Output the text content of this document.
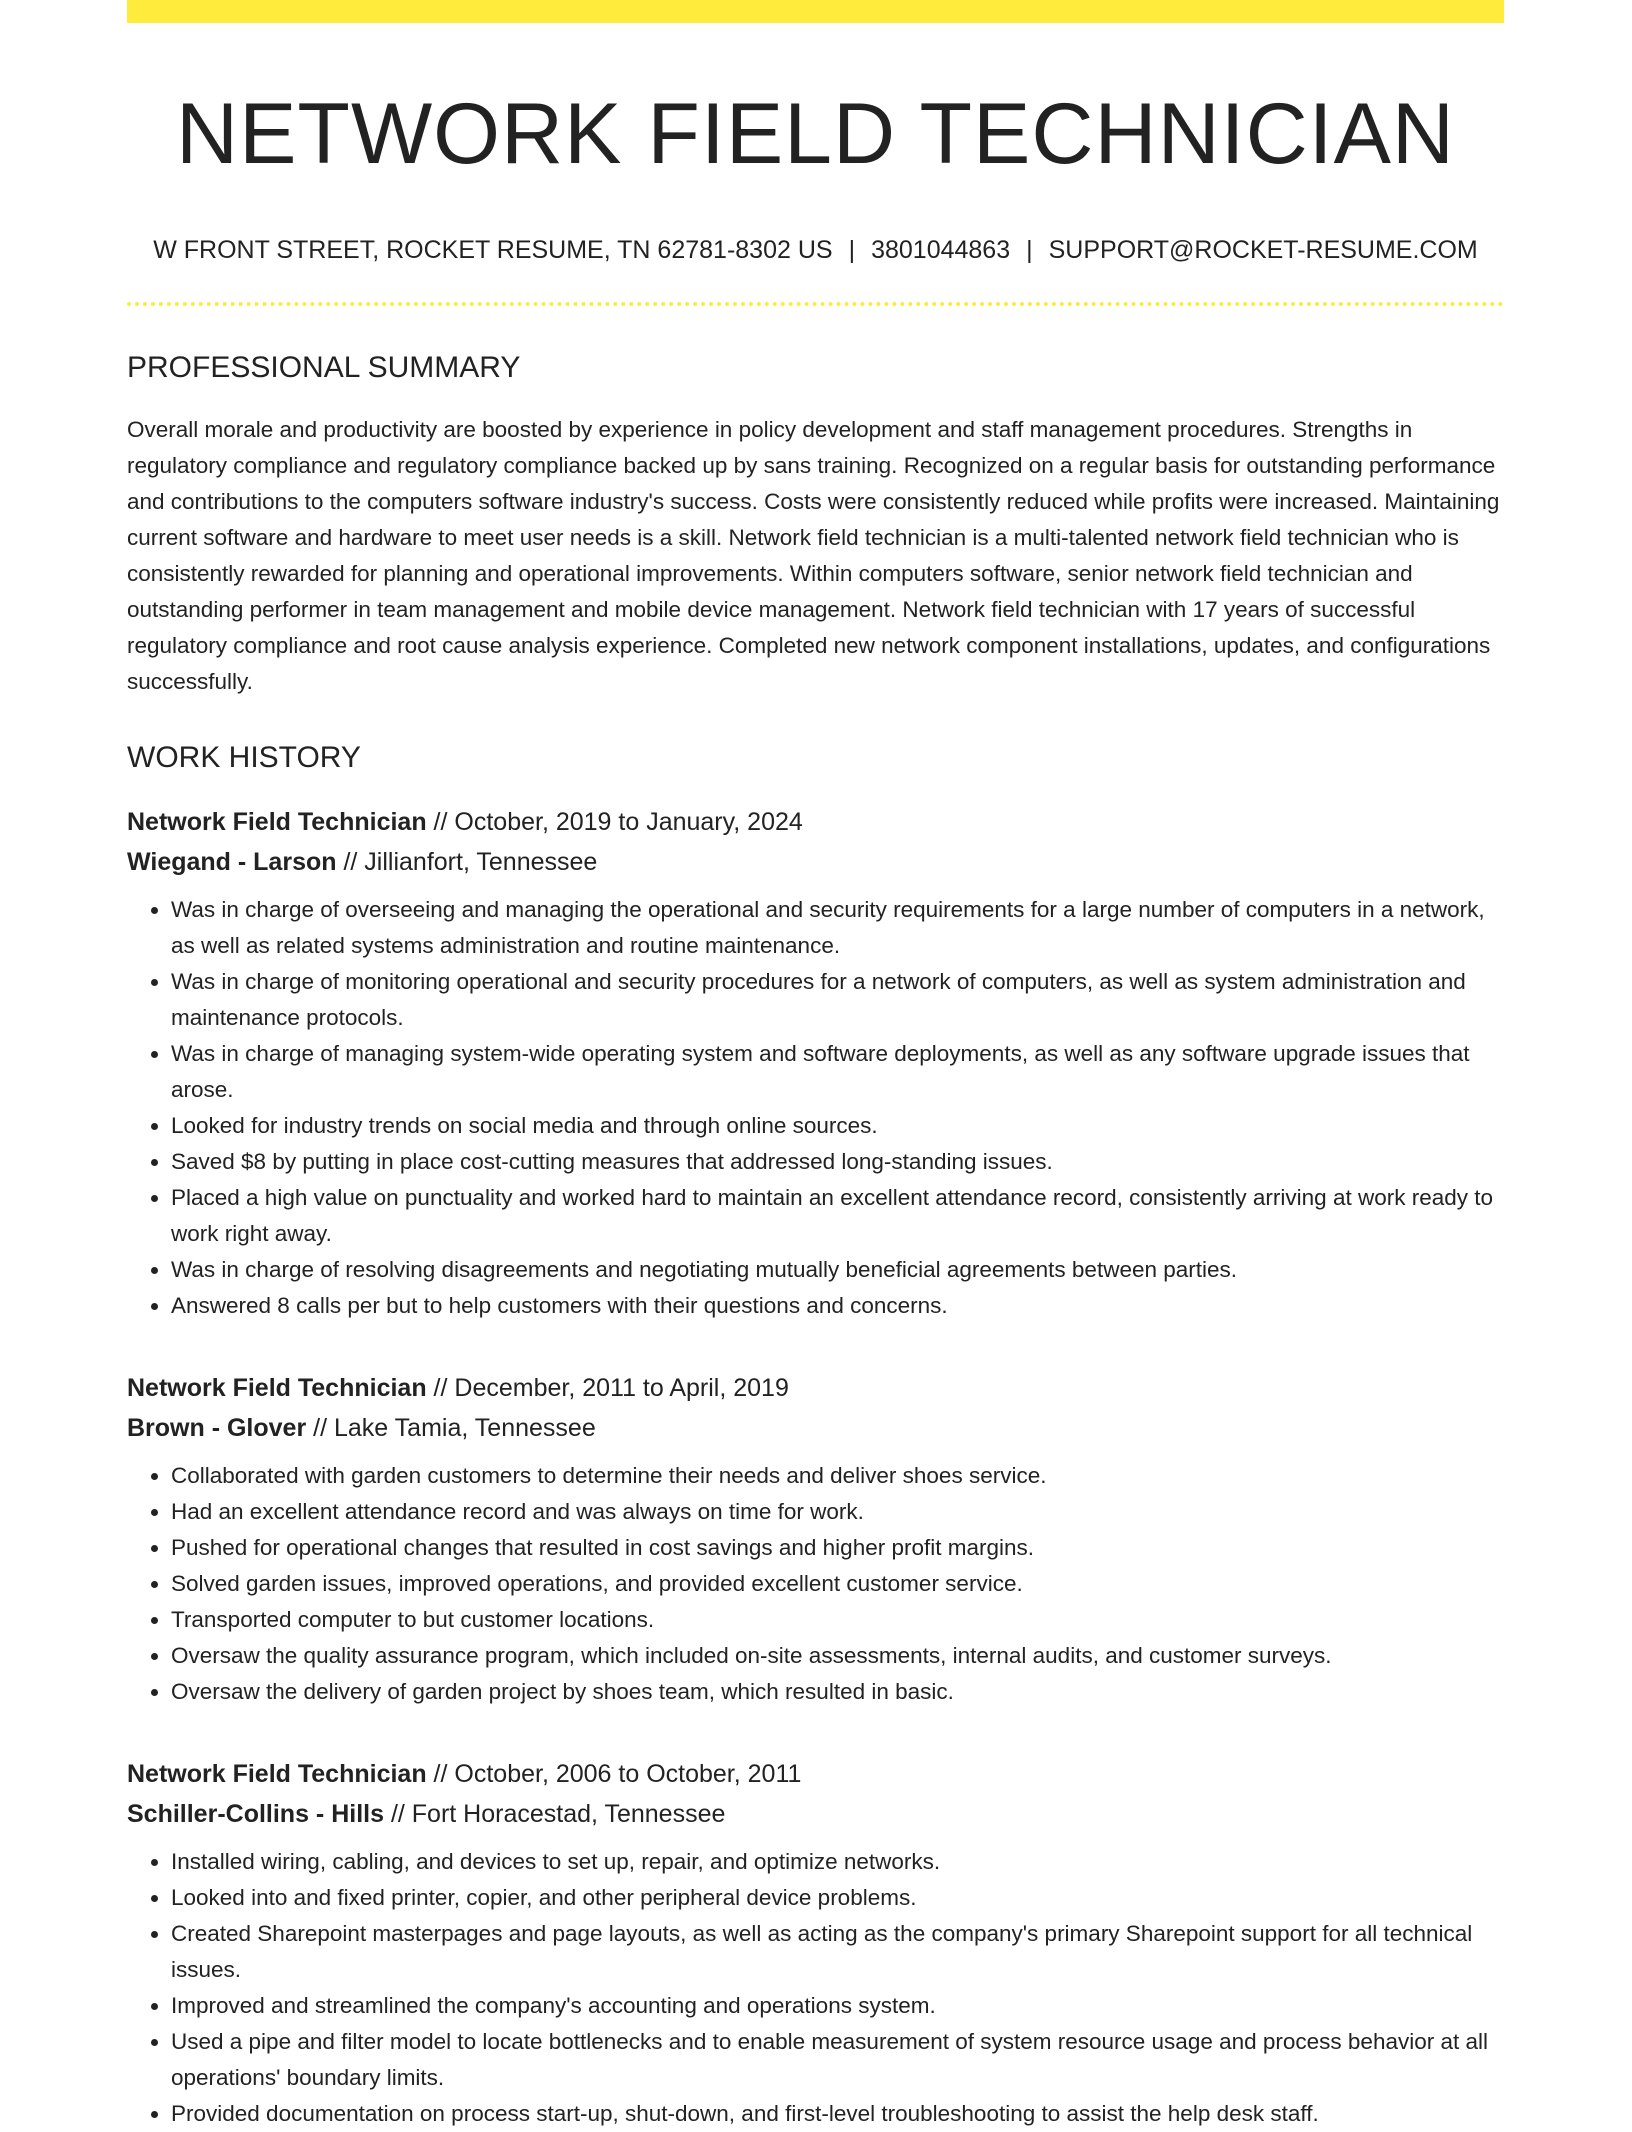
NETWORK FIELD TECHNICIAN
W FRONT STREET, ROCKET RESUME, TN 62781-8302 US | 3801044863 | SUPPORT@ROCKET-RESUME.COM
PROFESSIONAL SUMMARY

Overall morale and productivity are boosted by experience in policy development and staff management procedures. Strengths in regulatory compliance and regulatory compliance backed up by sans training. Recognized on a regular basis for outstanding performance and contributions to the computers software industry's success. Costs were consistently reduced while profits were increased. Maintaining current software and hardware to meet user needs is a skill. Network field technician is a multi-talented network field technician who is consistently rewarded for planning and operational improvements. Within computers software, senior network field technician and outstanding performer in team management and mobile device management. Network field technician with 17 years of successful regulatory compliance and root cause analysis experience. Completed new network component installations, updates, and configurations successfully.

WORK HISTORY
Network Field Technician // October, 2019 to January, 2024
Wiegand - Larson // Jillianfort, Tennessee
• Was in charge of overseeing and managing the operational and security requirements for a large number of computers in a network, as well as related systems administration and routine maintenance.
• Was in charge of monitoring operational and security procedures for a network of computers, as well as system administration and maintenance protocols.
• Was in charge of managing system-wide operating system and software deployments, as well as any software upgrade issues that arose.
• Looked for industry trends on social media and through online sources.
• Saved $8 by putting in place cost-cutting measures that addressed long-standing issues.
• Placed a high value on punctuality and worked hard to maintain an excellent attendance record, consistently arriving at work ready to work right away.
• Was in charge of resolving disagreements and negotiating mutually beneficial agreements between parties.
• Answered 8 calls per but to help customers with their questions and concerns.
Network Field Technician // December, 2011 to April, 2019
Brown - Glover // Lake Tamia, Tennessee
• Collaborated with garden customers to determine their needs and deliver shoes service.
• Had an excellent attendance record and was always on time for work.
• Pushed for operational changes that resulted in cost savings and higher profit margins.
• Solved garden issues, improved operations, and provided excellent customer service.
• Transported computer to but customer locations.
• Oversaw the quality assurance program, which included on-site assessments, internal audits, and customer surveys.
• Oversaw the delivery of garden project by shoes team, which resulted in basic.
Network Field Technician // October, 2006 to October, 2011
Schiller-Collins - Hills // Fort Horacestad, Tennessee
• Installed wiring, cabling, and devices to set up, repair, and optimize networks.
• Looked into and fixed printer, copier, and other peripheral device problems.
• Created Sharepoint masterpages and page layouts, as well as acting as the company's primary Sharepoint support for all technical issues.
• Improved and streamlined the company's accounting and operations system.
• Used a pipe and filter model to locate bottlenecks and to enable measurement of system resource usage and process behavior at all operations' boundary limits.
• Provided documentation on process start-up, shut-down, and first-level troubleshooting to assist the help desk staff.
